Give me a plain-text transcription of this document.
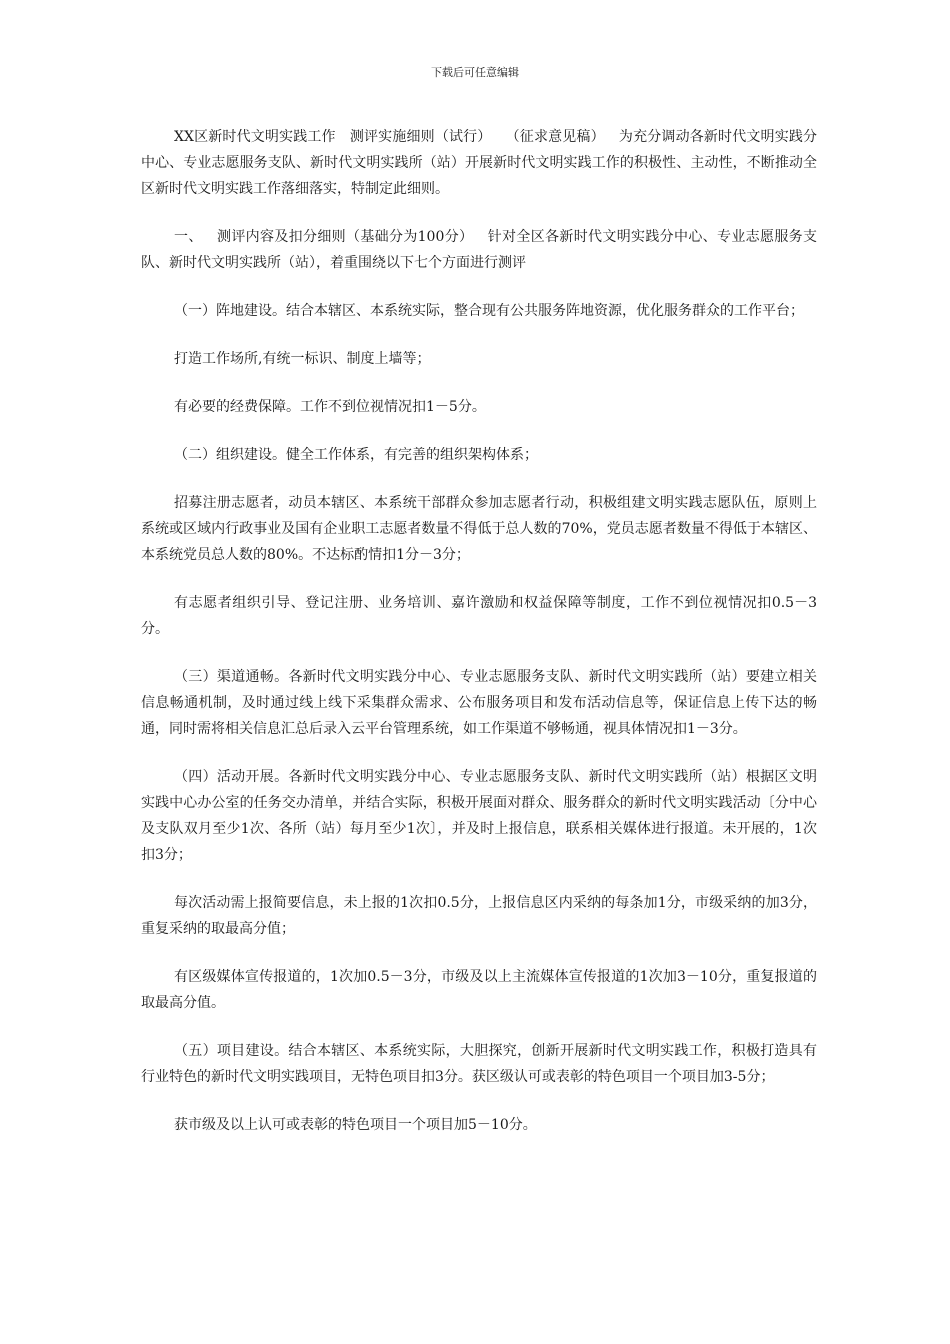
下载后可任意编辑

XX区新时代文明实践工作 测评实施细则（试行） （征求意见稿） 为充分调动各新时代文明实践分中心、专业志愿服务支队、新时代文明实践所（站）开展新时代文明实践工作的积极性、主动性，不断推动全区新时代文明实践工作落细落实，特制定此细则。

一、 测评内容及扣分细则（基础分为100分） 针对全区各新时代文明实践分中心、专业志愿服务支队、新时代文明实践所（站），着重围绕以下七个方面进行测评

（一）阵地建设。结合本辖区、本系统实际，整合现有公共服务阵地资源，优化服务群众的工作平台；

打造工作场所,有统一标识、制度上墙等；

有必要的经费保障。工作不到位视情况扣1－5分。

（二）组织建设。健全工作体系，有完善的组织架构体系；

招募注册志愿者，动员本辖区、本系统干部群众参加志愿者行动，积极组建文明实践志愿队伍，原则上系统或区域内行政事业及国有企业职工志愿者数量不得低于总人数的70%，党员志愿者数量不得低于本辖区、本系统党员总人数的80%。不达标酌情扣1分－3分；

有志愿者组织引导、登记注册、业务培训、嘉许激励和权益保障等制度，工作不到位视情况扣0.5－3分。

（三）渠道通畅。各新时代文明实践分中心、专业志愿服务支队、新时代文明实践所（站）要建立相关信息畅通机制，及时通过线上线下采集群众需求、公布服务项目和发布活动信息等，保证信息上传下达的畅通，同时需将相关信息汇总后录入云平台管理系统，如工作渠道不够畅通，视具体情况扣1－3分。

（四）活动开展。各新时代文明实践分中心、专业志愿服务支队、新时代文明实践所（站）根据区文明实践中心办公室的任务交办清单，并结合实际，积极开展面对群众、服务群众的新时代文明实践活动〔分中心及支队双月至少1次、各所（站）每月至少1次〕，并及时上报信息，联系相关媒体进行报道。未开展的，1次扣3分；

每次活动需上报简要信息，未上报的1次扣0.5分，上报信息区内采纳的每条加1分，市级采纳的加3分，重复采纳的取最高分值；

有区级媒体宣传报道的，1次加0.5－3分，市级及以上主流媒体宣传报道的1次加3－10分，重复报道的取最高分值。

（五）项目建设。结合本辖区、本系统实际，大胆探究，创新开展新时代文明实践工作，积极打造具有行业特色的新时代文明实践项目，无特色项目扣3分。获区级认可或表彰的特色项目一个项目加3-5分；

获市级及以上认可或表彰的特色项目一个项目加5－10分。
